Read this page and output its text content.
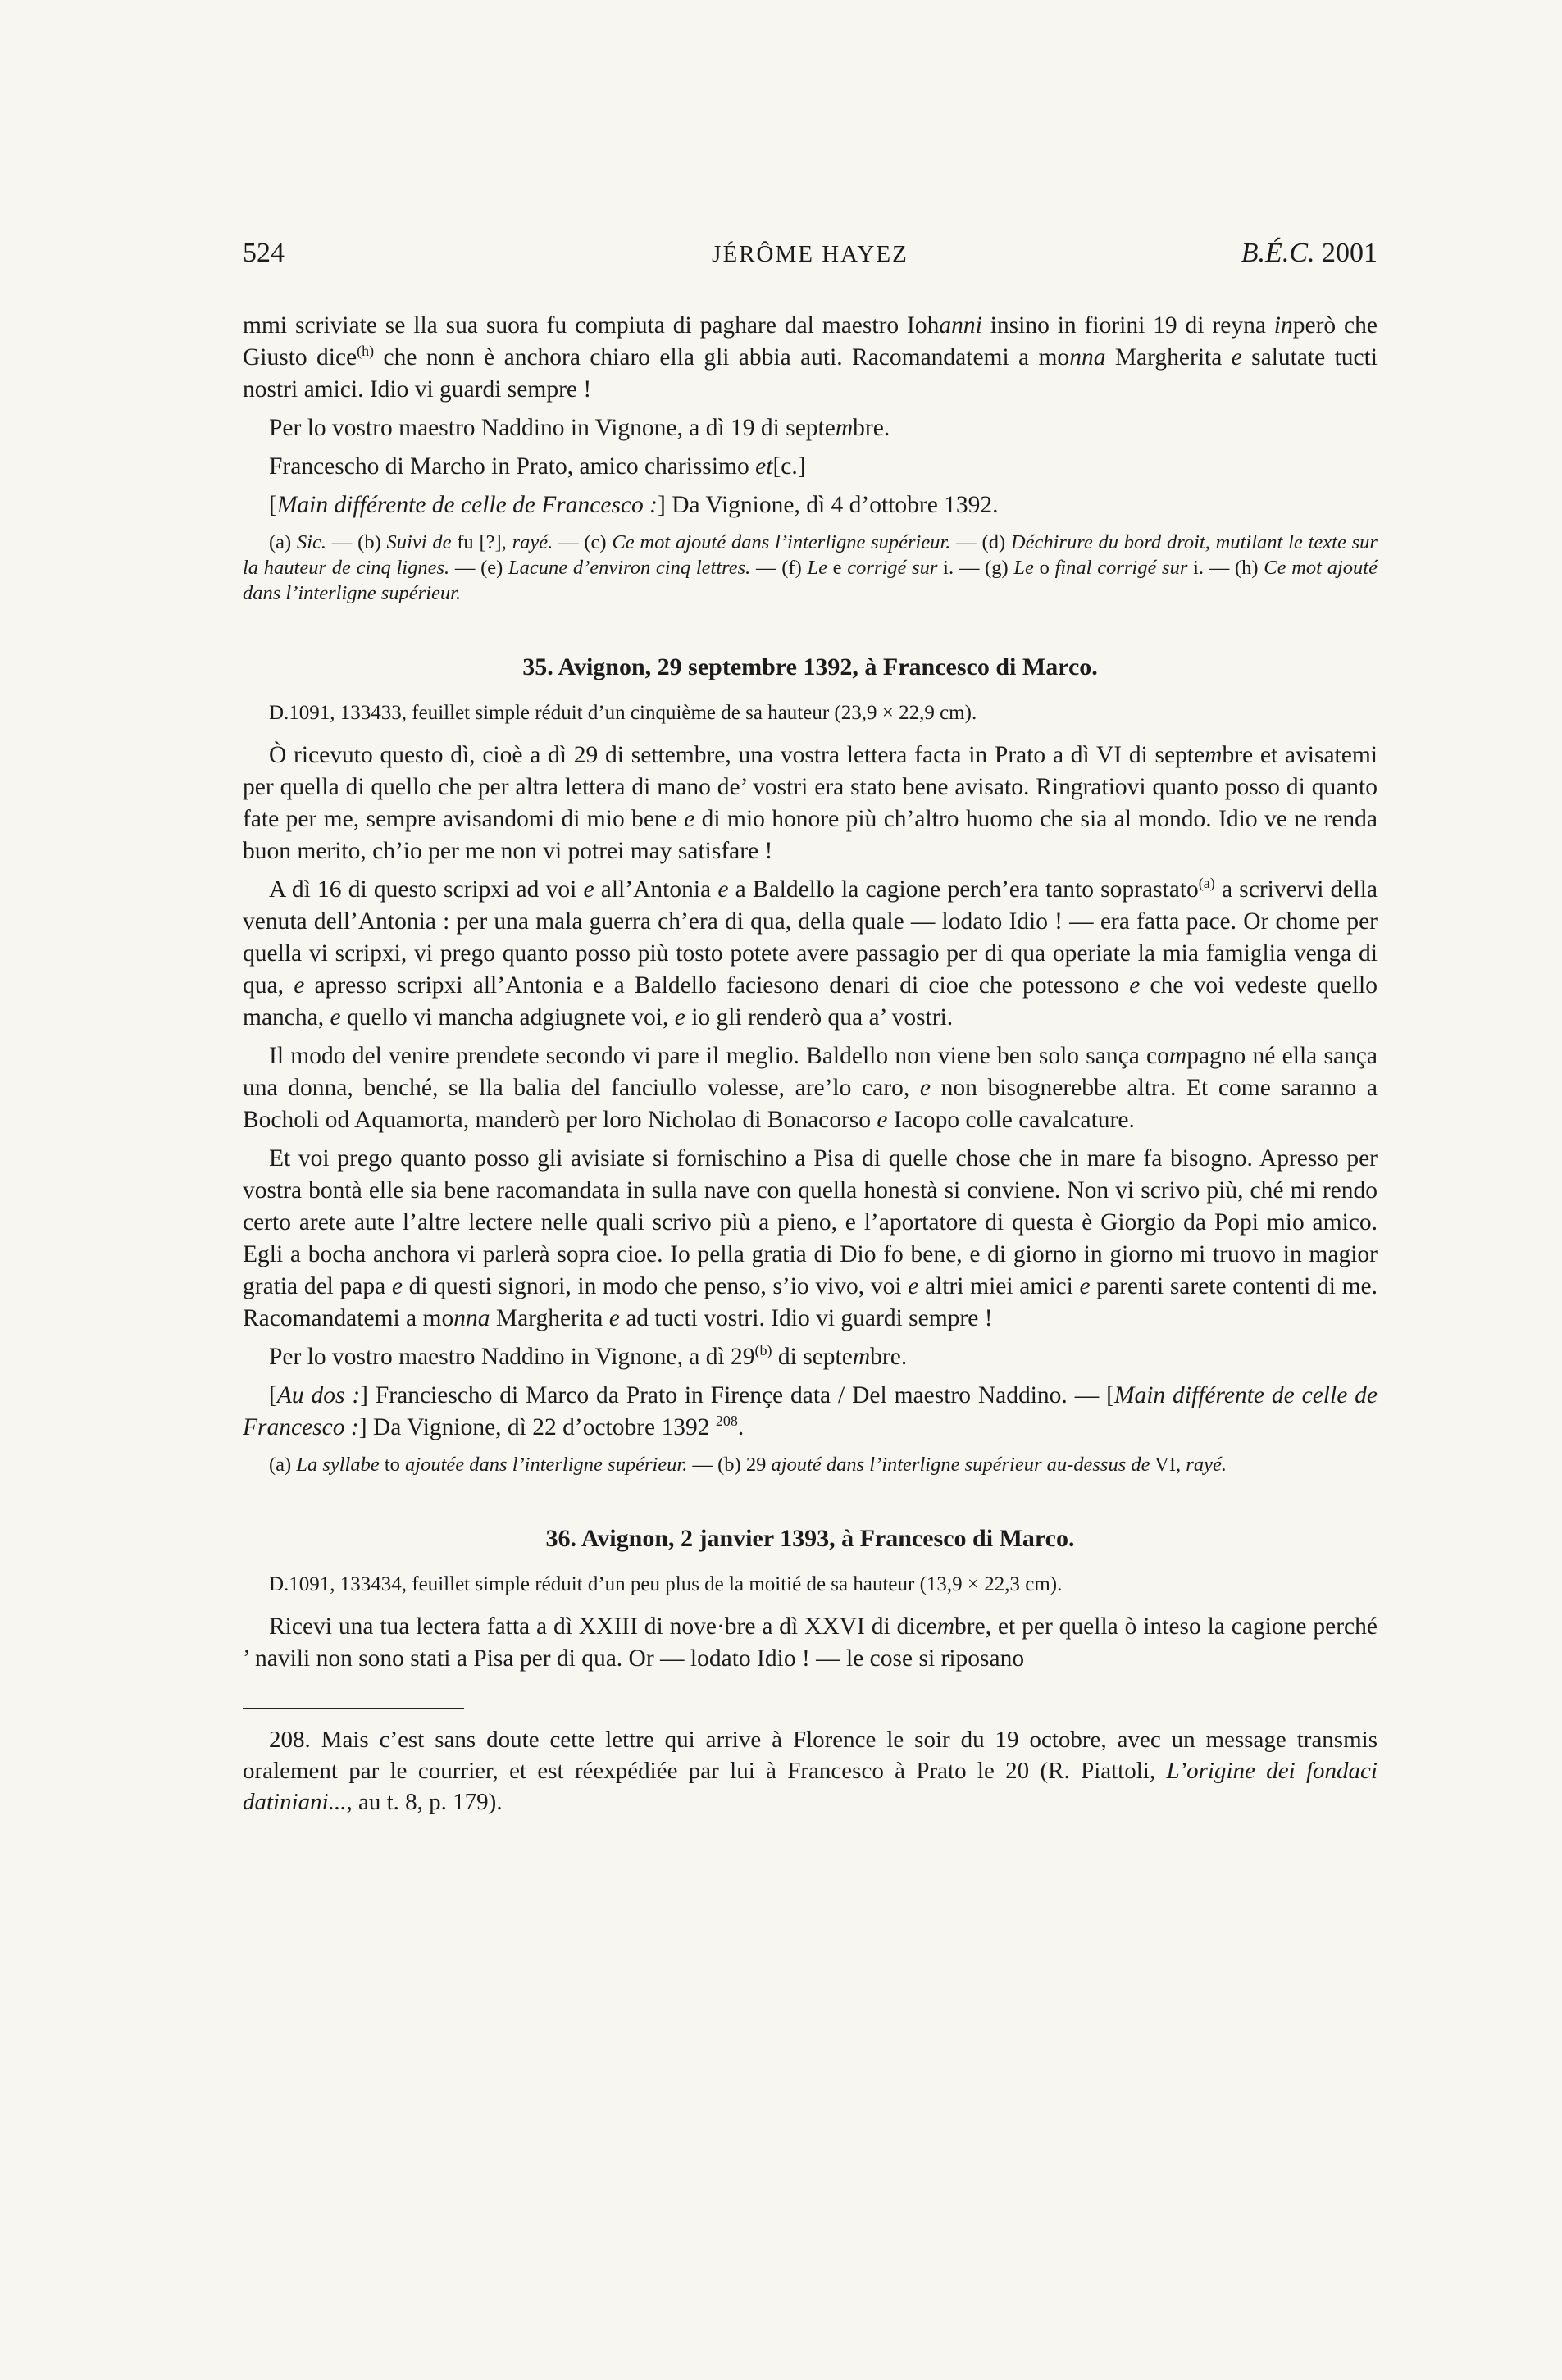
524	JÉRÔME HAYEZ	B.É.C. 2001

mmi scriviate se lla sua suora fu compiuta di paghare dal maestro Iohanni insino in fiorini 19 di reyna inperò che Giusto dice$^{(h)}$ che nonn è anchora chiaro ella gli abbia auti. Racomandatemi a monna Margherita e salutate tucti nostri amici. Idio vi guardi sempre !

Per lo vostro maestro Naddino in Vignone, a dì 19 di septembre.

Francescho di Marcho in Prato, amico charissimo et[c.]

[Main différente de celle de Francesco :] Da Vignione, dì 4 d’ottobre 1392.

(a) Sic. — (b) Suivi de fu [?], rayé. — (c) Ce mot ajouté dans l’interligne supérieur. — (d) Déchirure du bord droit, mutilant le texte sur la hauteur de cinq lignes. — (e) Lacune d’environ cinq lettres. — (f) Le e corrigé sur i. — (g) Le o final corrigé sur i. — (h) Ce mot ajouté dans l’interligne supérieur.

35. Avignon, 29 septembre 1392, à Francesco di Marco.

D.1091, 133433, feuillet simple réduit d’un cinquième de sa hauteur (23,9 × 22,9 cm).

Ò ricevuto questo dì, cioè a dì 29 di settembre, una vostra lettera facta in Prato a dì VI di septembre et avisatemi per quella di quello che per altra lettera di mano de’ vostri era stato bene avisato. Ringratiovi quanto posso di quanto fate per me, sempre avisandomi di mio bene e di mio honore più ch’altro huomo che sia al mondo. Idio ve ne renda buon merito, ch’io per me non vi potrei may satisfare !

A dì 16 di questo scripxi ad voi e all’Antonia e a Baldello la cagione perch’era tanto soprastato$^{(a)}$ a scrivervi della venuta dell’Antonia : per una mala guerra ch’era di qua, della quale — lodato Idio ! — era fatta pace. Or chome per quella vi scripxi, vi prego quanto posso più tosto potete avere passagio per di qua operiate la mia famiglia venga di qua, e apresso scripxi all’Antonia e a Baldello faciesono denari di cioe che potessono e che voi vedeste quello mancha, e quello vi mancha adgiugnete voi, e io gli renderò qua a’ vostri.

Il modo del venire prendete secondo vi pare il meglio. Baldello non viene ben solo sança compagno né ella sança una donna, benché, se lla balia del fanciullo volesse, are’lo caro, e non bisognerebbe altra. Et come saranno a Bocholi od Aquamorta, manderò per loro Nicholao di Bonacorso e Iacopo colle cavalcature.

Et voi prego quanto posso gli avisiate si fornischino a Pisa di quelle chose che in mare fa bisogno. Apresso per vostra bontà elle sia bene racomandata in sulla nave con quella honestà si conviene. Non vi scrivo più, ché mi rendo certo arete aute l’altre lectere nelle quali scrivo più a pieno, e l’aportatore di questa è Giorgio da Popi mio amico. Egli a bocha anchora vi parlerà sopra cioe. Io pella gratia di Dio fo bene, e di giorno in giorno mi truovo in magior gratia del papa e di questi signori, in modo che penso, s’io vivo, voi e altri miei amici e parenti sarete contenti di me. Racomandatemi a monna Margherita e ad tucti vostri. Idio vi guardi sempre !

Per lo vostro maestro Naddino in Vignone, a dì 29$^{(b)}$ di septembre.

[Au dos :] Franciescho di Marco da Prato in Firençe data / Del maestro Naddino. — [Main différente de celle de Francesco :] Da Vignione, dì 22 d’octobre 1392 $^{208}$.

(a) La syllabe to ajoutée dans l’interligne supérieur. — (b) 29 ajouté dans l’interligne supérieur au-dessus de VI, rayé.

36. Avignon, 2 janvier 1393, à Francesco di Marco.

D.1091, 133434, feuillet simple réduit d’un peu plus de la moitié de sa hauteur (13,9 × 22,3 cm).

Ricevi una tua lectera fatta a dì XXIII di nove·bre a dì XXVI di dicembre, et per quella ò inteso la cagione perché ’ navili non sono stati a Pisa per di qua. Or — lodato Idio ! — le cose si riposano

208. Mais c’est sans doute cette lettre qui arrive à Florence le soir du 19 octobre, avec un message transmis oralement par le courrier, et est réexpédiée par lui à Francesco à Prato le 20 (R. Piattoli, L’origine dei fondaci datiniani..., au t. 8, p. 179).
